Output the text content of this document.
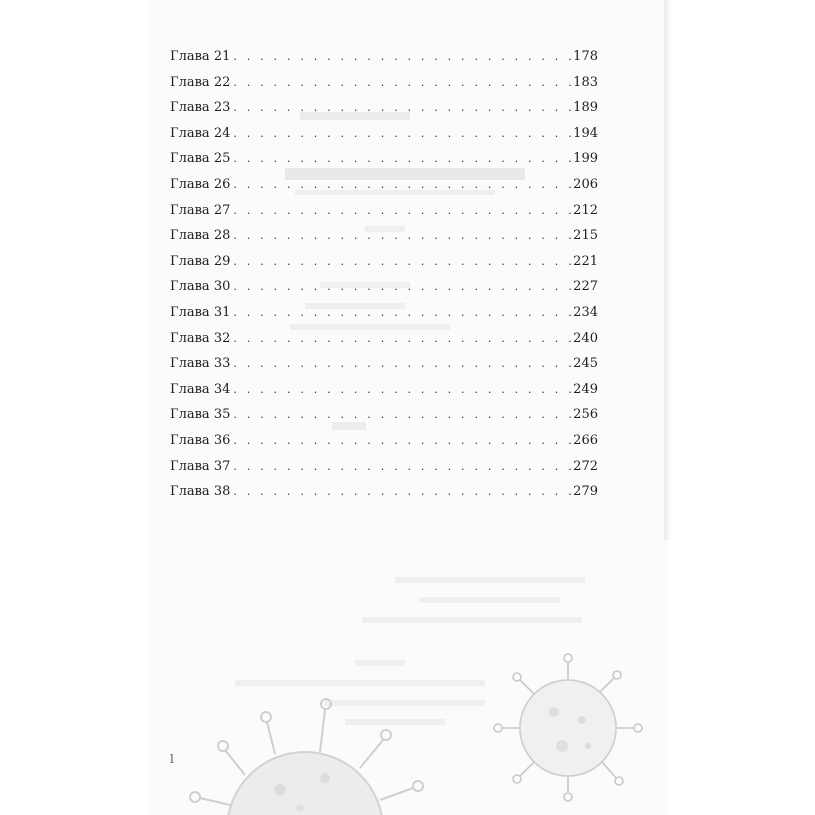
Глава 21 . . .	178
Глава 22 . . .	183
Глава 23 . . .	189
Глава 24 . . .	194
Глава 25 . . .	199
Глава 26 . . .	206
Глава 27 . . .	212
Глава 28 . . .	215
Глава 29 . . .	221
Глава 30 . . .	227
Глава 31 . . .	234
Глава 32 . . .	240
Глава 33 . . .	245
Глава 34 . . .	249
Глава 35 . . .	256
Глава 36 . . .	266
Глава 37 . . .	272
Глава 38 . . .	279
l
